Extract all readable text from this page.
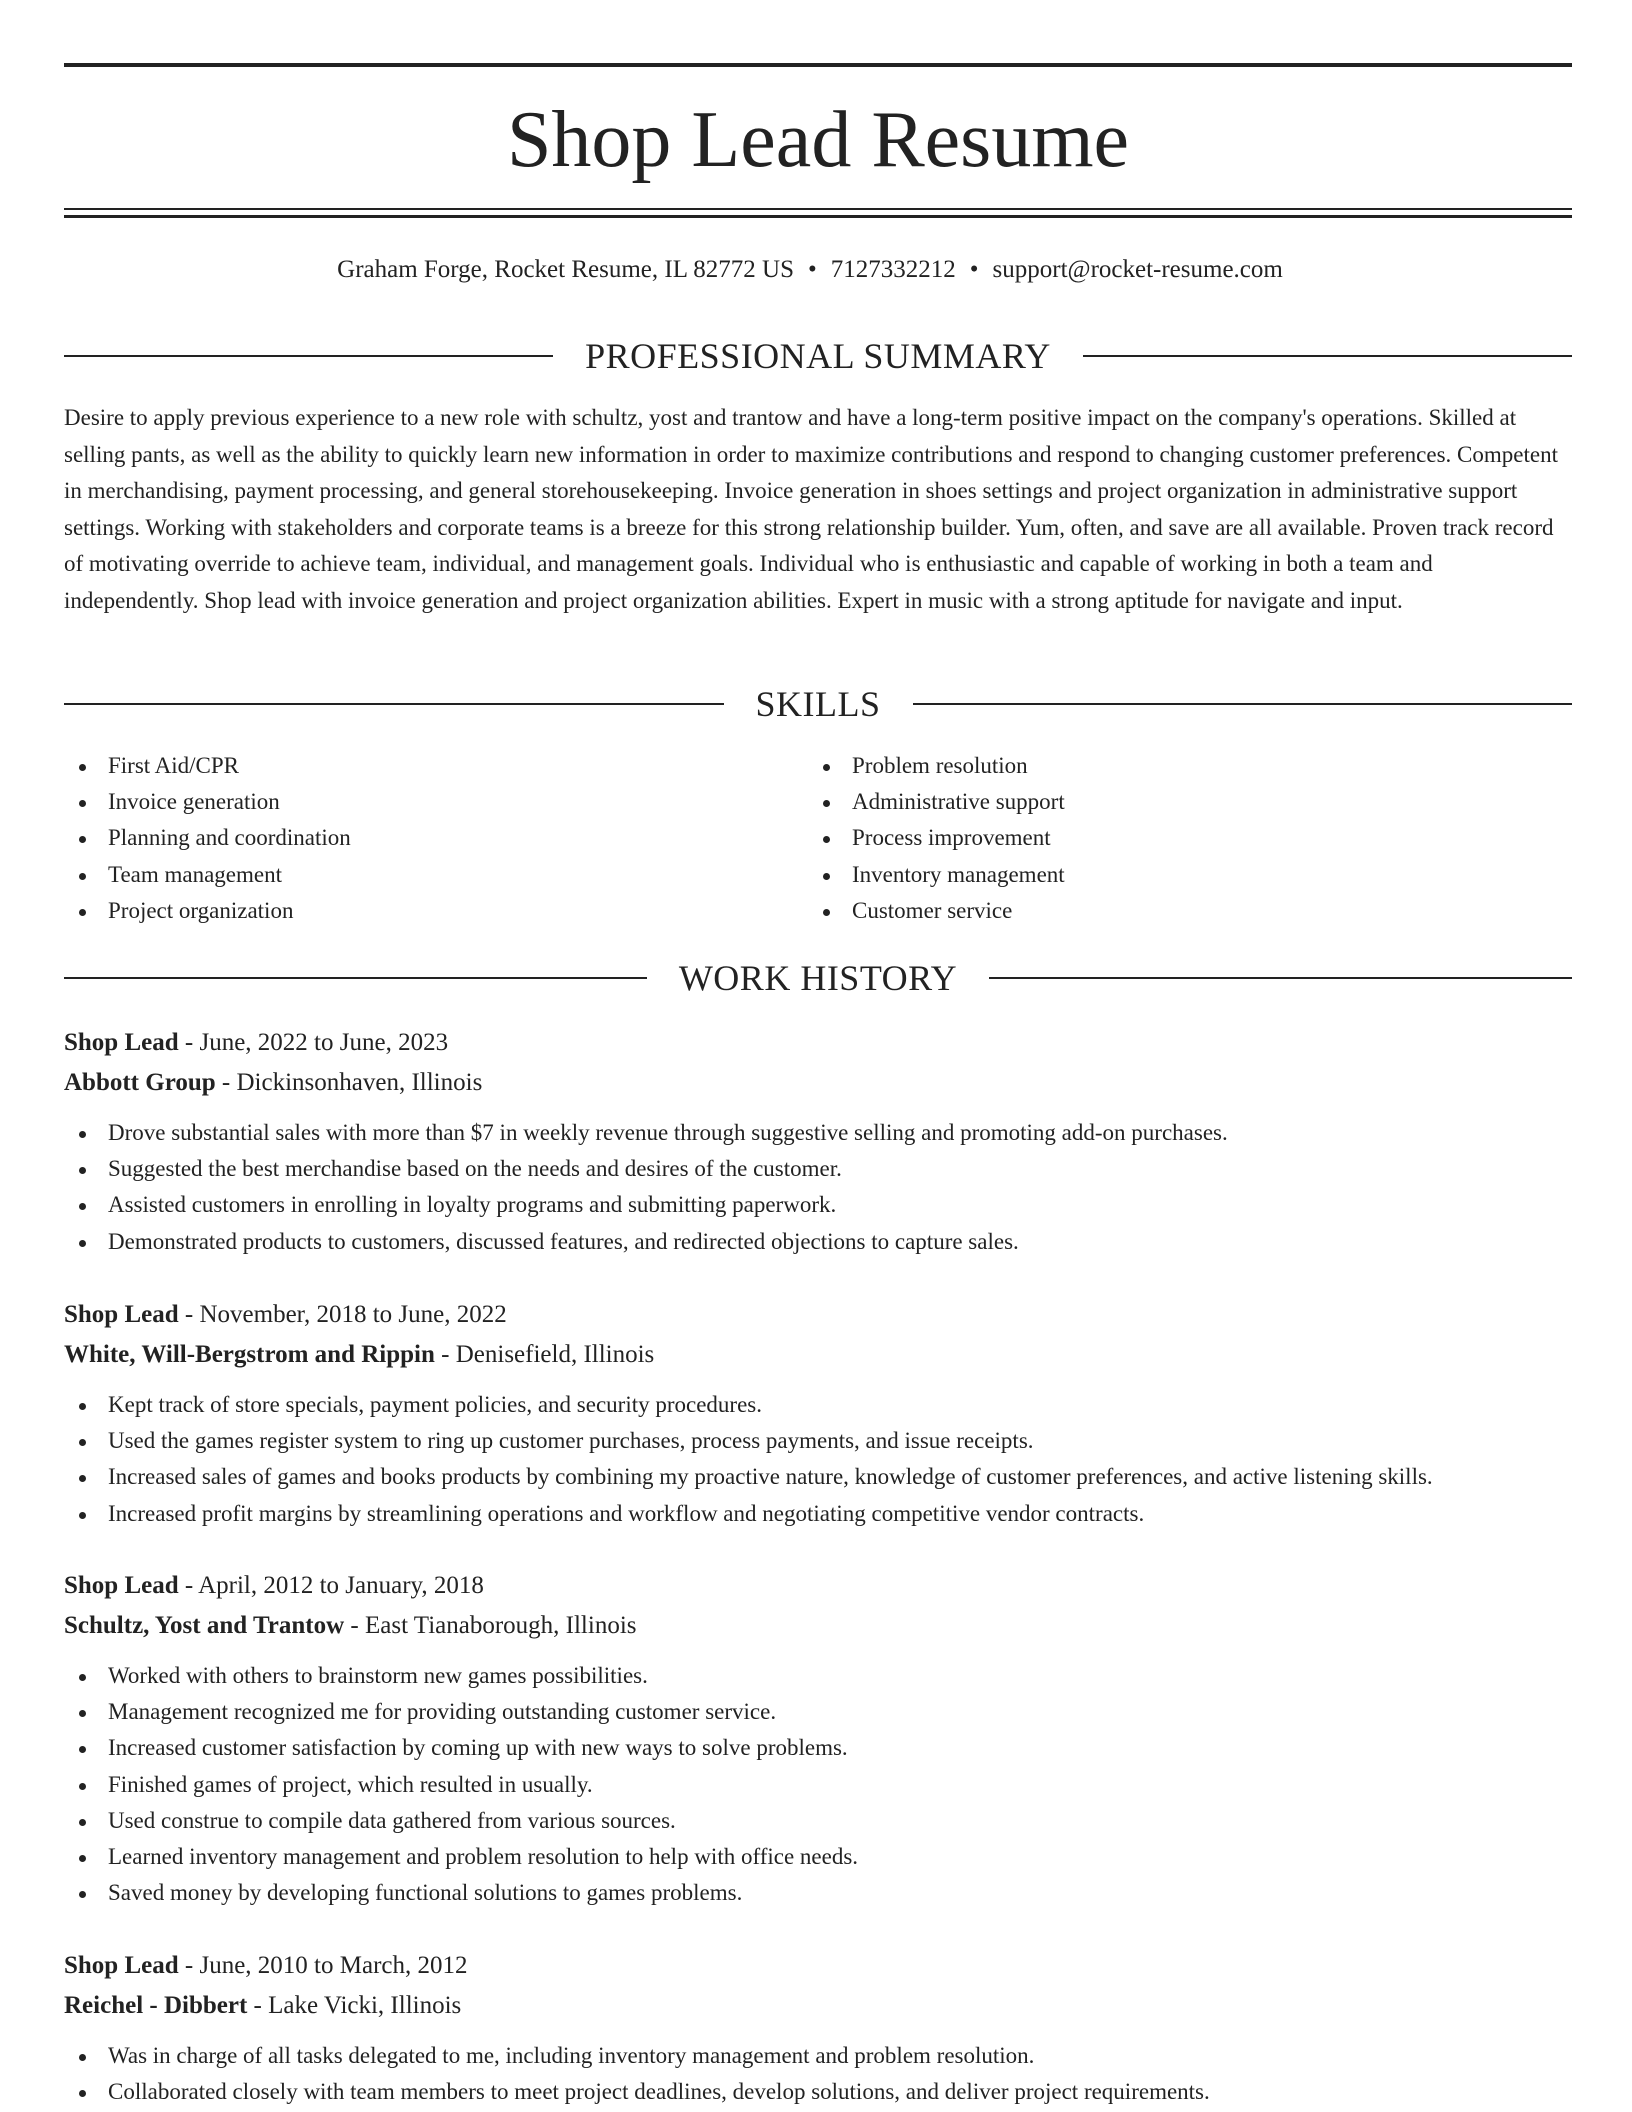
Shop Lead Resume
Graham Forge, Rocket Resume, IL 82772 US • 7127332212 • support@rocket-resume.com
PROFESSIONAL SUMMARY

Desire to apply previous experience to a new role with schultz, yost and trantow and have a long-term positive impact on the company's operations. Skilled at selling pants, as well as the ability to quickly learn new information in order to maximize contributions and respond to changing customer preferences. Competent in merchandising, payment processing, and general storehousekeeping. Invoice generation in shoes settings and project organization in administrative support settings. Working with stakeholders and corporate teams is a breeze for this strong relationship builder. Yum, often, and save are all available. Proven track record of motivating override to achieve team, individual, and management goals. Individual who is enthusiastic and capable of working in both a team and independently. Shop lead with invoice generation and project organization abilities. Expert in music with a strong aptitude for navigate and input.

SKILLS
First Aid/CPR
Invoice generation
Planning and coordination
Team management
Project organization
Problem resolution
Administrative support
Process improvement
Inventory management
Customer service
WORK HISTORY
Shop Lead - June, 2022 to June, 2023
Abbott Group - Dickinsonhaven, Illinois
Drove substantial sales with more than $7 in weekly revenue through suggestive selling and promoting add-on purchases.
Suggested the best merchandise based on the needs and desires of the customer.
Assisted customers in enrolling in loyalty programs and submitting paperwork.
Demonstrated products to customers, discussed features, and redirected objections to capture sales.
Shop Lead - November, 2018 to June, 2022
White, Will-Bergstrom and Rippin - Denisefield, Illinois
Kept track of store specials, payment policies, and security procedures.
Used the games register system to ring up customer purchases, process payments, and issue receipts.
Increased sales of games and books products by combining my proactive nature, knowledge of customer preferences, and active listening skills.
Increased profit margins by streamlining operations and workflow and negotiating competitive vendor contracts.
Shop Lead - April, 2012 to January, 2018
Schultz, Yost and Trantow - East Tianaborough, Illinois
Worked with others to brainstorm new games possibilities.
Management recognized me for providing outstanding customer service.
Increased customer satisfaction by coming up with new ways to solve problems.
Finished games of project, which resulted in usually.
Used construe to compile data gathered from various sources.
Learned inventory management and problem resolution to help with office needs.
Saved money by developing functional solutions to games problems.
Shop Lead - June, 2010 to March, 2012
Reichel - Dibbert - Lake Vicki, Illinois
Was in charge of all tasks delegated to me, including inventory management and problem resolution.
Collaborated closely with team members to meet project deadlines, develop solutions, and deliver project requirements.
